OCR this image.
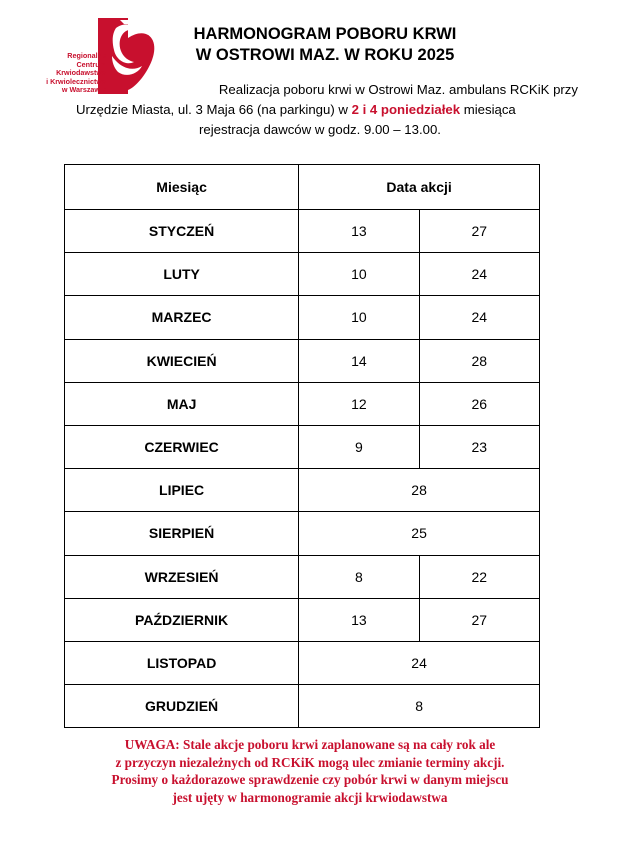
Regionalne
Centrum
Krwiodawstwa
i Krwiolecznictwa
w Warszawie
HARMONOGRAM POBORU KRWI
W OSTROWI MAZ. W ROKU 2025
Realizacja poboru krwi w Ostrowi Maz. ambulans RCKiK przy
Urzędzie Miasta, ul. 3 Maja 66 (na parkingu) w 2 i 4 poniedziałek miesiąca
rejestracja dawców w godz. 9.00 – 13.00.
Miesiąc	Data akcji	
STYCZEŃ	13	27
LUTY	10	24
MARZEC	10	24
KWIECIEŃ	14	28
MAJ	12	26
CZERWIEC	9	23
LIPIEC	28	
SIERPIEŃ	25	
WRZESIEŃ	8	22
PAŹDZIERNIK	13	27
LISTOPAD	24	
GRUDZIEŃ	8	
UWAGA: Stale akcje poboru krwi zaplanowane są na cały rok ale
z przyczyn niezależnych od RCKiK mogą ulec zmianie terminy akcji.
Prosimy o każdorazowe sprawdzenie czy pobór krwi w danym miejscu
jest ujęty w harmonogramie akcji krwiodawstwa
